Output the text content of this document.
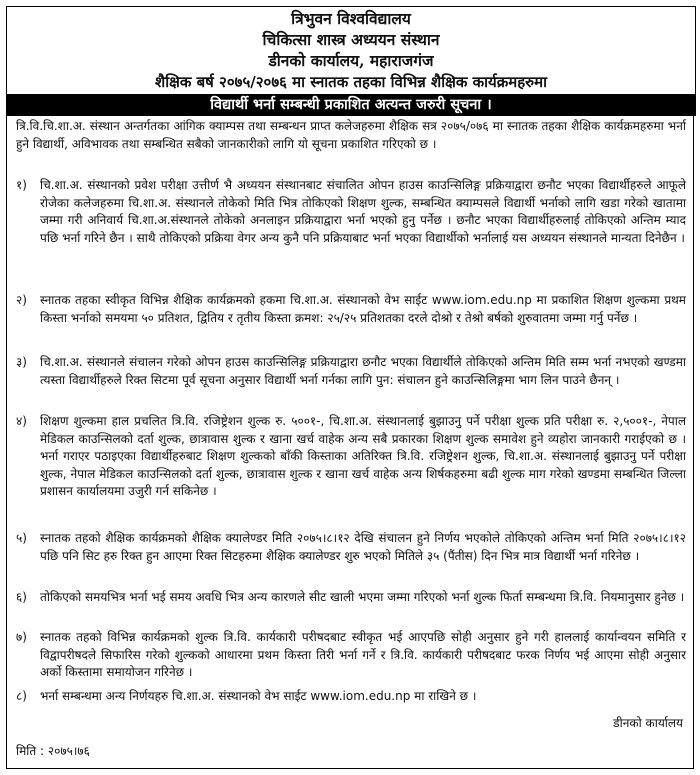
त्रिभुवन विश्वविद्यालय
चिकित्सा शास्त्र अध्ययन संस्थान
डीनको कार्यालय, महाराजगंज
शैक्षिक बर्ष २०७५/२०७६ मा स्नातक तहका विभिन्न शैक्षिक कार्यक्रमहरुमा
विद्यार्थी भर्ना सम्बन्धी प्रकाशित अत्यन्त जरुरी सूचना ।

त्रि.वि.चि.शा.अ. संस्थान अन्तर्गतका आंगिक क्याम्पस तथा सम्बन्धन प्राप्त कलेजहरुमा शैक्षिक सत्र २०७५/०७६ मा स्नातक तहका शैक्षिक कार्यक्रमहरुमा भर्ना हुने विद्यार्थी, अविभावक तथा सम्बन्धित सबैको जानकारीको लागि यो सूचना प्रकाशित गरिएको छ ।

१)	चि.शा.अ. संस्थानको प्रवेश परीक्षा उत्तीर्ण भै अध्ययन संस्थानबाट संचालित ओपन हाउस काउन्सिलिङ्ग प्रक्रियाद्वारा छनौट भएका विद्यार्थीहरुले आफूले रोजेका कलेजहरुमा चि.शा.अ. संस्थानले तोकेको मिति भित्र तोकिएको शिक्षण शुल्क, सम्बन्धित क्याम्पसले विद्यार्थी भर्नाको लागि खडा गरेको खातामा जम्मा गरी अनिवार्य चि.शा.अ.संस्थानले तोकेको अनलाइन प्रक्रियाद्वारा भर्ना भएको हुनु पर्नेछ । छनौट भएका विद्यार्थीहरुलाई तोकिएको अन्तिम म्याद पछि भर्ना गरिने छैन । साथै तोकिएको प्रक्रिया वेगर अन्य कुनै पनि प्रक्रियाबाट भर्ना भएका विद्यार्थीको भर्नालाई यस अध्ययन संस्थानले मान्यता दिनेछैन ।

२)	स्नातक तहका स्वीकृत विभिन्न शैक्षिक कार्यक्रमको हकमा चि.शा.अ. संस्थानको वेभ साईट www.iom.edu.np मा प्रकाशित शिक्षण शुल्कमा प्रथम किस्ता भर्नाको समयमा ५० प्रतिशत, द्वितिय र तृतीय किस्ता क्रमश: २५/२५ प्रतिशतका दरले दोश्रो र तेश्रो बर्षको शुरुवातमा जम्मा गर्नु पर्नेछ ।

३)	चि.शा.अ. संस्थानले संचालन गरेको ओपन हाउस काउन्सिलिङ्ग प्रक्रियाद्वारा छनौट भएका विद्यार्थीले तोकिएको अन्तिम मिति सम्म भर्ना नभएको खण्डमा त्यस्ता विद्यार्थीहरुले रिक्त सिटमा पूर्व सूचना अनुसार विद्यार्थी भर्ना गर्नका लागि पुन: संचालन हुने काउन्सिलिङ्गमा भाग लिन पाउने छैनन् ।

४)	शिक्षण शुल्कमा हाल प्रचलित त्रि.वि. रजिष्ट्रेशन शुल्क रु. ५००१-, चि.शा.अ. संस्थानलाई बुझाउनु पर्ने परीक्षा शुल्क प्रति परीक्षा रु. २,५००१-, नेपाल मेडिकल काउन्सिलको दर्ता शुल्क, छात्रावास शुल्क र खाना खर्च वाहेक अन्य सबै प्रकारका शिक्षण शुल्क समावेश हुने व्यहोरा जानकारी गराईएको छ । भर्ना गराएर पठाइएका विद्यार्थीहरुबाट शिक्षण शुल्कको बाँकी किस्ताका अतिरिक्त त्रि.वि. रजिष्ट्रेशन शुल्क, चि.शा.अ. संस्थानलाई बुझाउनु पर्ने परीक्षा शुल्क, नेपाल मेडिकल काउन्सिलको दर्ता शुल्क, छात्रावास शुल्क र खाना खर्च वाहेक अन्य शिर्षकहरुमा बढी शुल्क माग गरेको खण्डमा सम्बन्धित जिल्ला प्रशासन कार्यालयमा उजुरी गर्न सकिनेछ ।

५)	स्नातक तहको शैक्षिक कार्यक्रमको शैक्षिक क्यालेण्डर मिति २०७५।८।१२ देखि संचालन हुने निर्णय भएकोले तोकिएको अन्तिम भर्ना मिति २०७५।८।१२ पछि पनि सिट हरु रिक्त हुन आएमा रिक्त सिटहरुमा शैक्षिक क्यालेण्डर शुरु भएको मितिले ३५ (पैंतीस) दिन भित्र मात्र विद्यार्थी भर्ना गरिनेछ ।

६)	तोकिएको समयभित्र भर्ना भई समय अवधि भित्र अन्य कारणले सीट खाली भएमा जम्मा गरिएको भर्ना शुल्क फिर्ता सम्बन्धमा त्रि.वि. नियमानुसार हुनेछ ।

७)	स्नातक तहको विभिन्न कार्यक्रमको शुल्क त्रि.वि. कार्यकारी परीषदबाट स्वीकृत भई आएपछि सोही अनुसार हुने गरी हाललाई कार्यान्वयन समिति र विद्वापरीषदले सिफारिस गरेको शुल्कको आधारमा प्रथम किस्ता तिरी भर्ना गर्ने र त्रि.वि. कार्यकारी परीषदबाट फरक निर्णय भई आएमा सोही अनुसार अर्को किस्तामा समायोजन गरिनेछ ।

८)	भर्ना सम्बन्धमा अन्य निर्णयहरु चि.शा.अ. संस्थानको वेभ साईट www.iom.edu.np मा राखिने छ ।

डीनको कार्यालय
मिति : २०७५।७६
